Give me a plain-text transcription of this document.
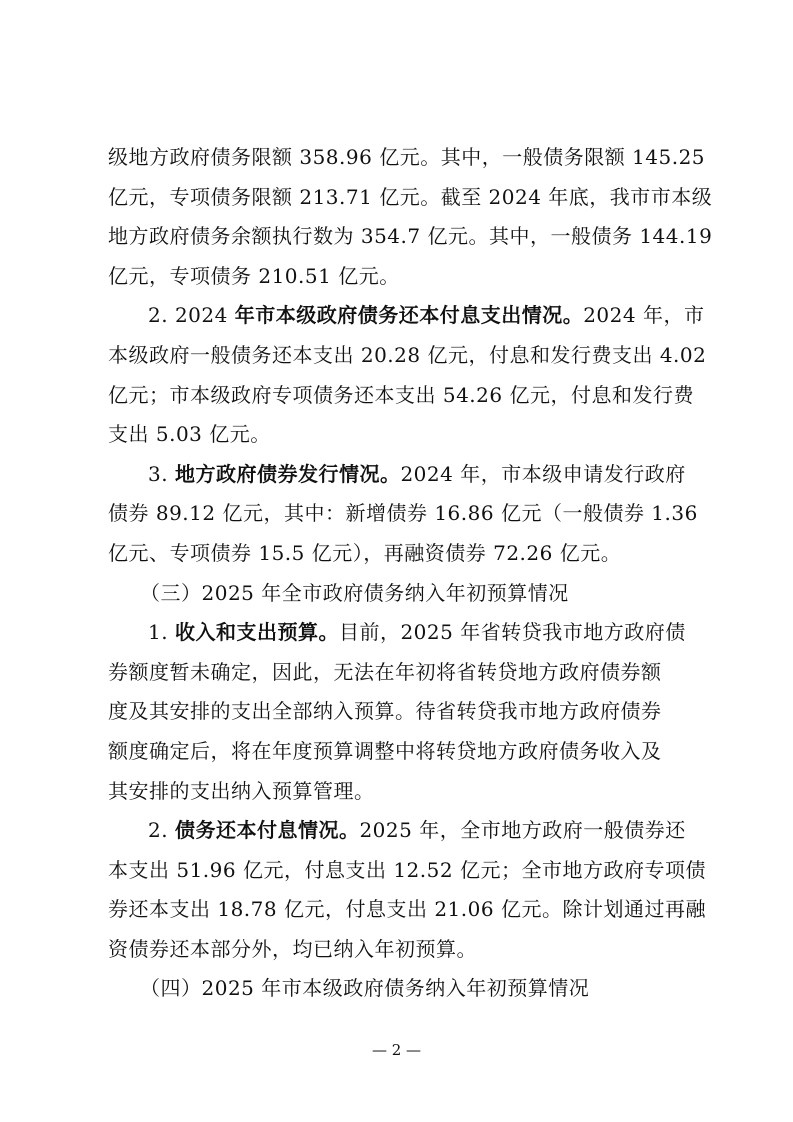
级地方政府债务限额 358.96 亿元。其中，一般债务限额 145.25
亿元，专项债务限额 213.71 亿元。截至 2024 年底，我市市本级
地方政府债务余额执行数为 354.7 亿元。其中，一般债务 144.19
亿元，专项债务 210.51 亿元。
2. 2024 年市本级政府债务还本付息支出情况。2024 年，市
本级政府一般债务还本支出 20.28 亿元，付息和发行费支出 4.02
亿元；市本级政府专项债务还本支出 54.26 亿元，付息和发行费
支出 5.03 亿元。
3. 地方政府债券发行情况。2024 年，市本级申请发行政府
债券 89.12 亿元，其中：新增债券 16.86 亿元（一般债券 1.36
亿元、专项债券 15.5 亿元），再融资债券 72.26 亿元。
（三）2025 年全市政府债务纳入年初预算情况
1. 收入和支出预算。目前，2025 年省转贷我市地方政府债
券额度暂未确定，因此，无法在年初将省转贷地方政府债券额
度及其安排的支出全部纳入预算。待省转贷我市地方政府债券
额度确定后，将在年度预算调整中将转贷地方政府债务收入及
其安排的支出纳入预算管理。
2. 债务还本付息情况。2025 年，全市地方政府一般债券还
本支出 51.96 亿元，付息支出 12.52 亿元；全市地方政府专项债
券还本支出 18.78 亿元，付息支出 21.06 亿元。除计划通过再融
资债券还本部分外，均已纳入年初预算。
（四）2025 年市本级政府债务纳入年初预算情况
— 2 —
